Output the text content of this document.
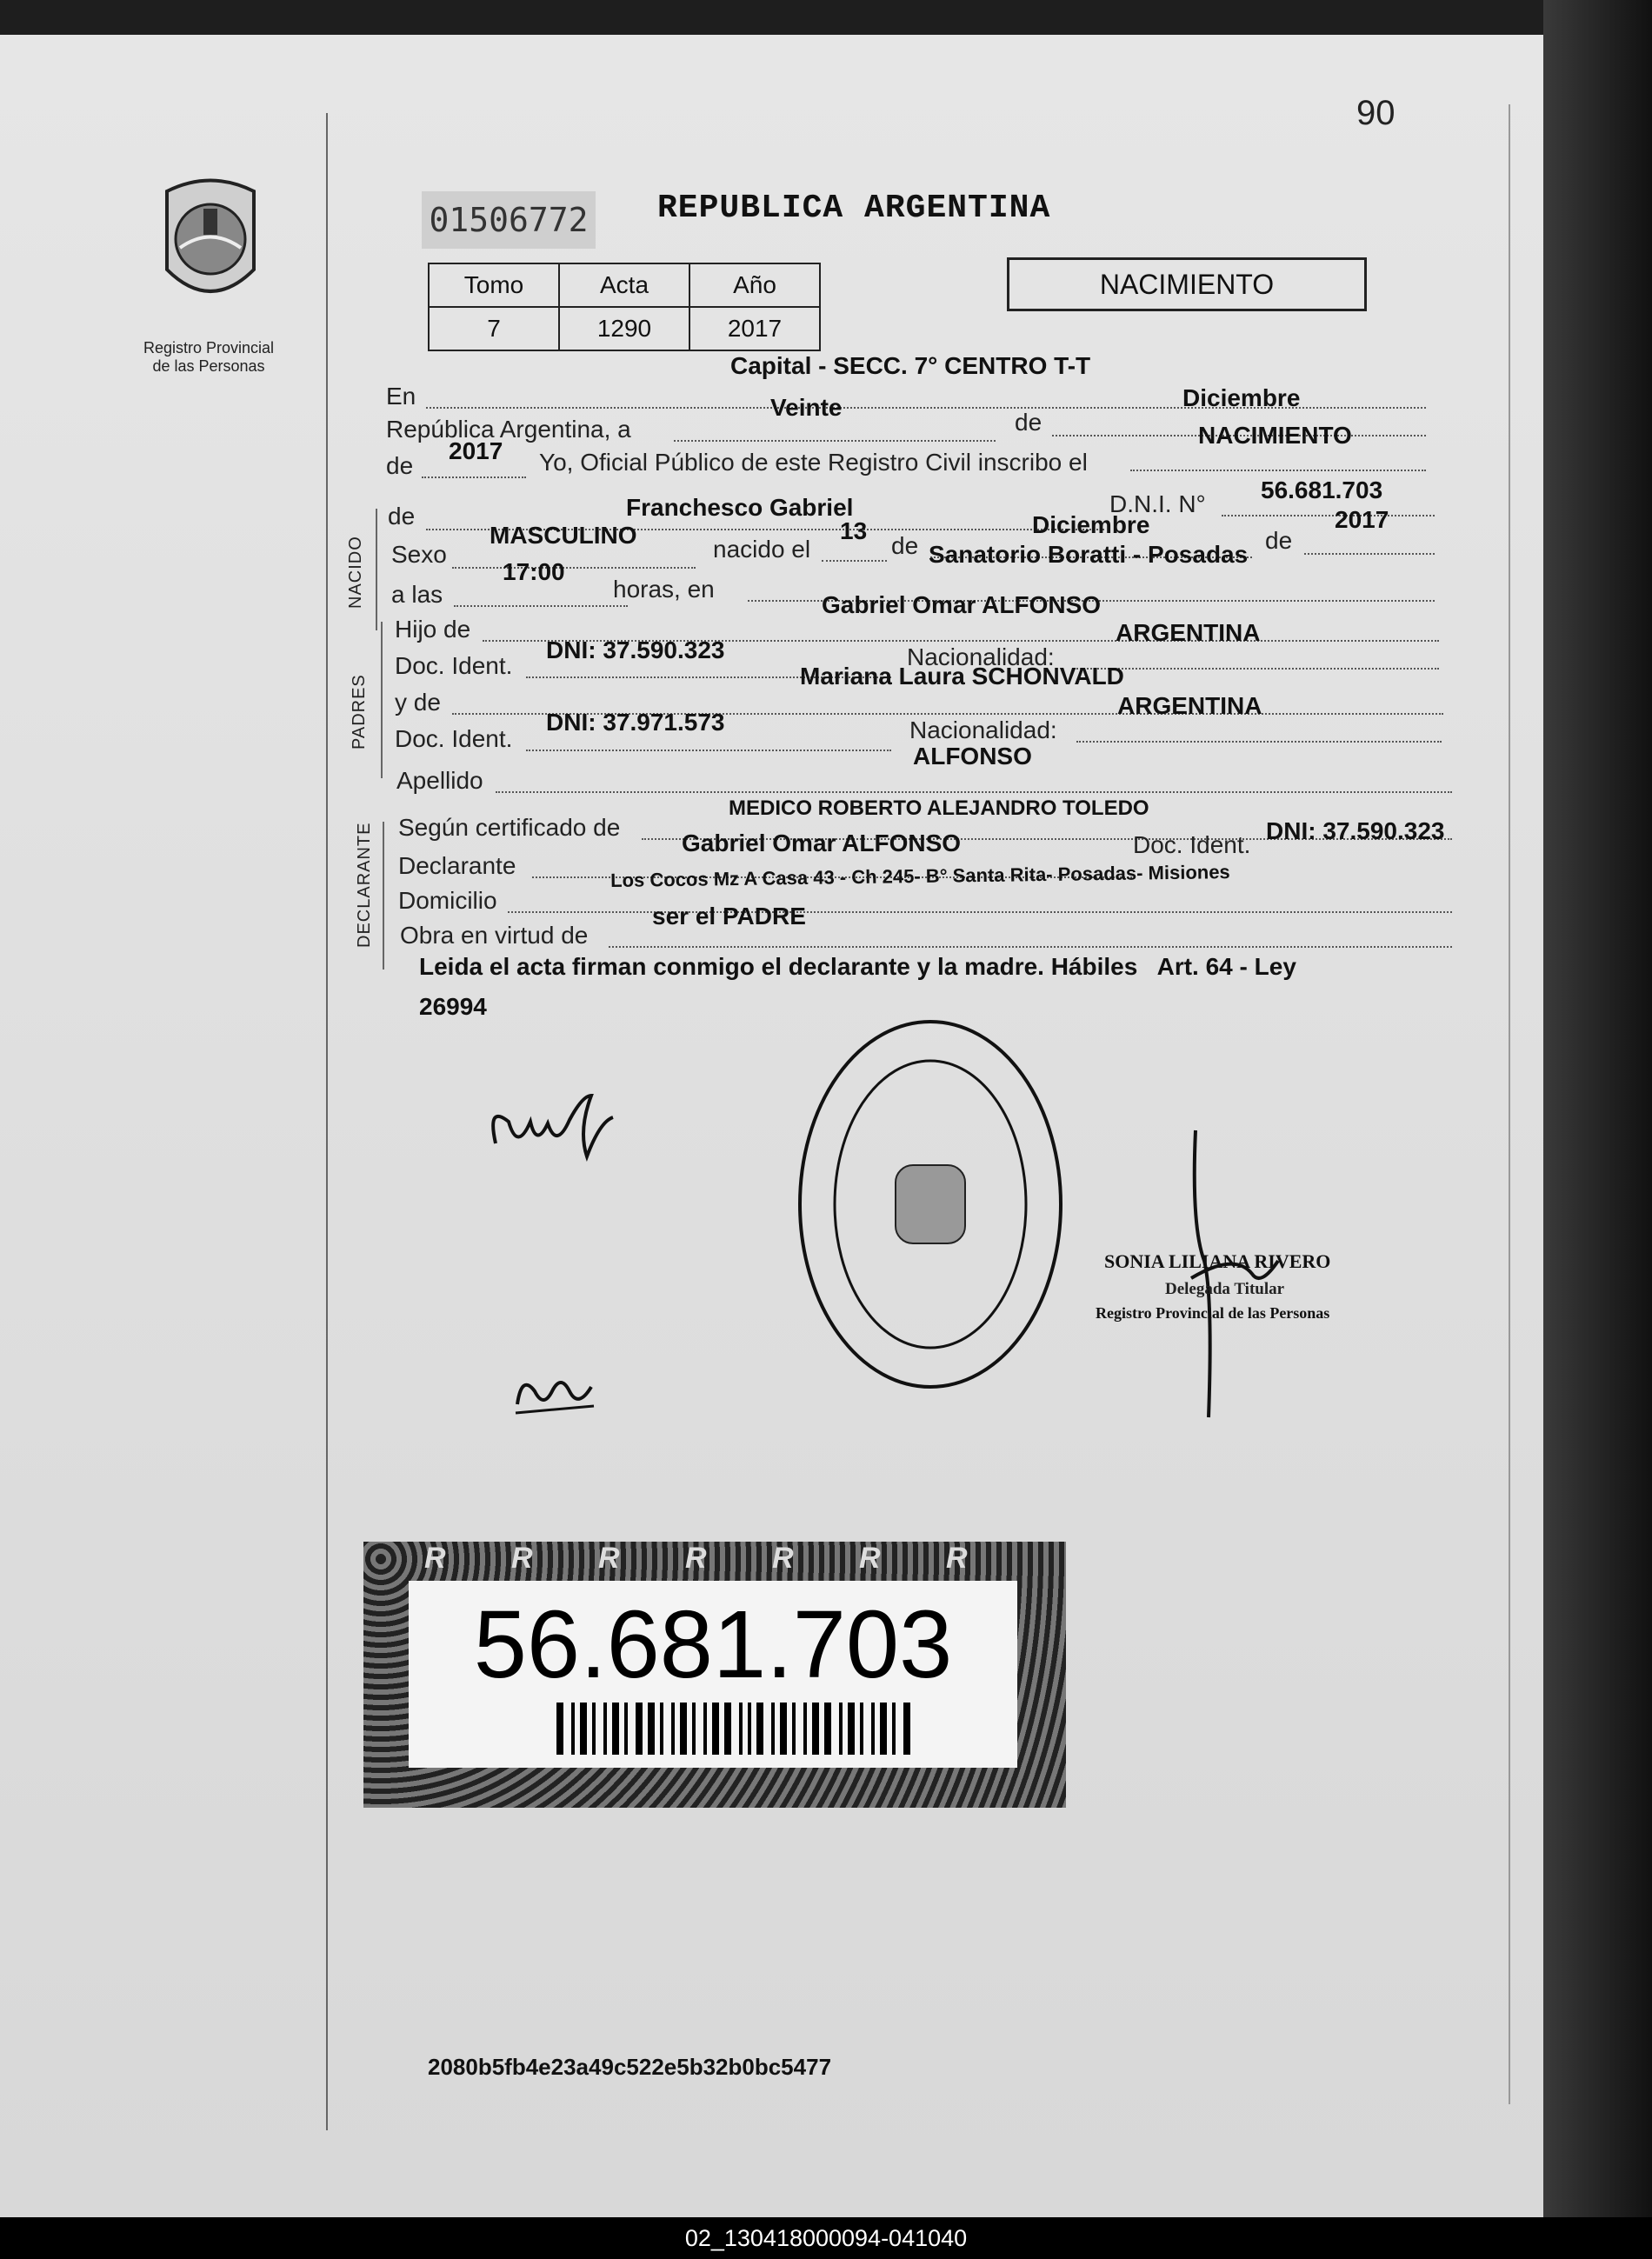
90
Registro Provincial
de las Personas
01506772 REPUBLICA ARGENTINA
Tomo	Acta	Año
7	1290	2017
NACIMIENTO
En
Capital - SECC. 7° CENTRO T-T
República Argentina, a
Veinte
de
Diciembre
de
2017 Yo, Oficial Público de este Registro Civil inscribo el
NACIMIENTO
NACIDO
de	Franchesco Gabriel	D.N.I. N°
56.681.703
Sexo
MASCULINO
nacido el
13
de
Diciembre
de
2017
a las
17:00
horas, en
Sanatorio Boratti - Posadas
PADRES
Hijo de
Gabriel Omar ALFONSO
Doc. Ident.
DNI: 37.590.323	Nacionalidad:
ARGENTINA
y de
Mariana Laura SCHONVALD
Doc. Ident.
DNI: 37.971.573	Nacionalidad:
ARGENTINA
Apellido
ALFONSO
DECLARANTE Según certificado de
MEDICO ROBERTO ALEJANDRO TOLEDO
Declarante
Gabriel Omar ALFONSO	Doc. Ident.
DNI: 37.590.323
Domicilio
Los Cocos Mz A Casa 43 - Ch 245- B° Santa Rita- Posadas- Misiones
Obra en virtud de
ser el PADRE
Leida el acta firman conmigo el declarante y la madre. Hábiles   Art. 64 - Ley
26994
SONIA LILIANA RIVERO
Delegada Titular
Registro Provincial de las Personas
R R R R R R R
56.681.703
2080b5fb4e23a49c522e5b32b0bc5477
02_130418000094-041040
